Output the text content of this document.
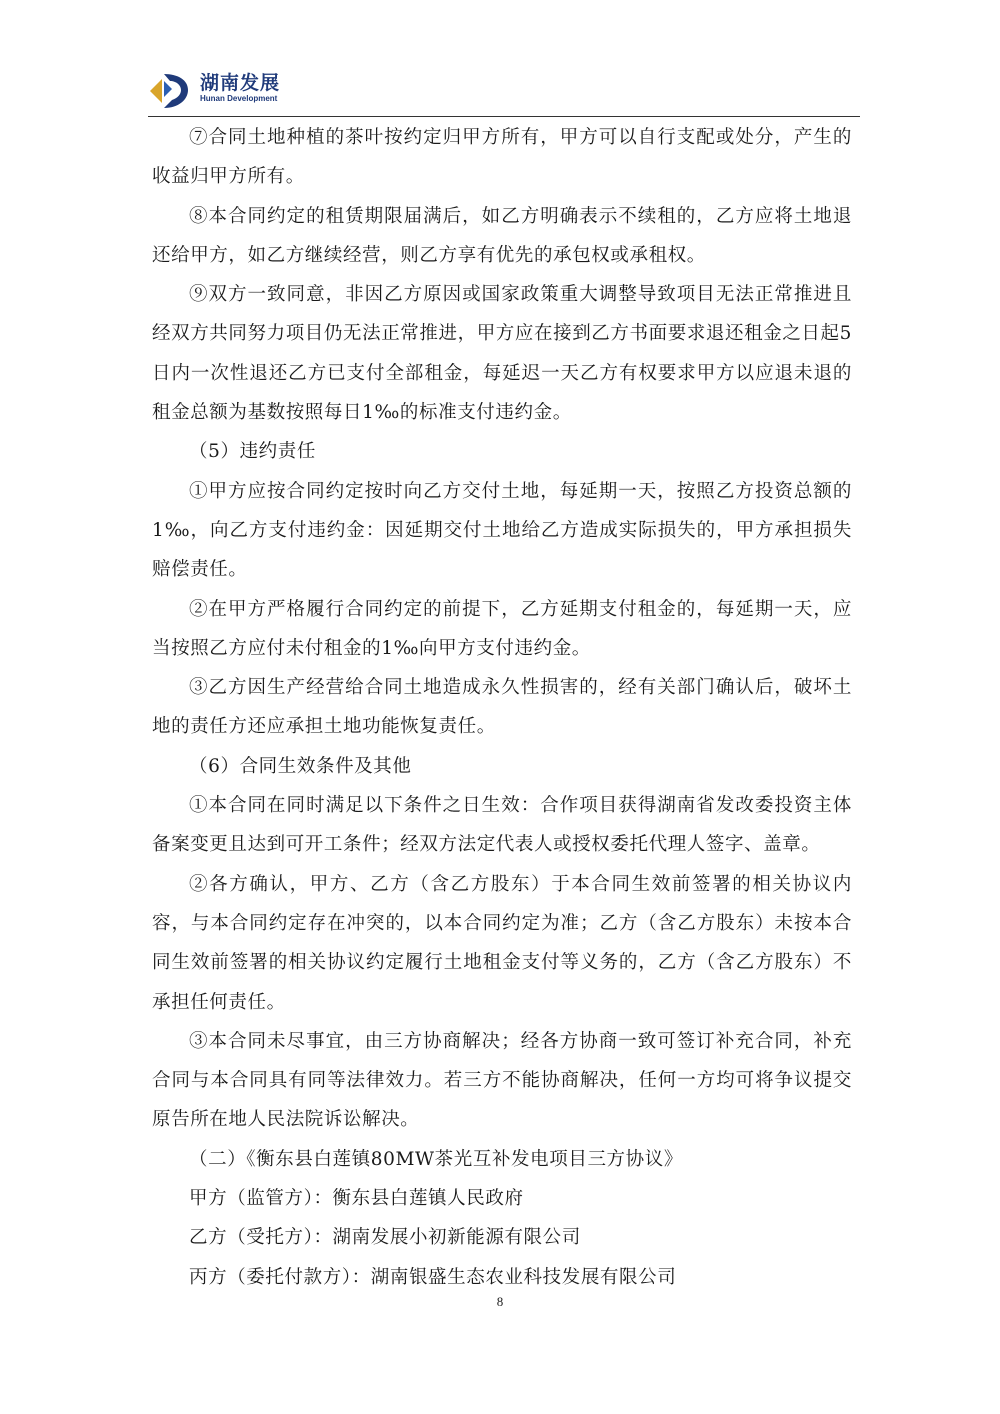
湖南发展
Hunan Development

⑦合同土地种植的茶叶按约定归甲方所有，甲方可以自行支配或处分，产生的收益归甲方所有。

⑧本合同约定的租赁期限届满后，如乙方明确表示不续租的，乙方应将土地退还给甲方，如乙方继续经营，则乙方享有优先的承包权或承租权。

⑨双方一致同意，非因乙方原因或国家政策重大调整导致项目无法正常推进且经双方共同努力项目仍无法正常推进，甲方应在接到乙方书面要求退还租金之日起5日内一次性退还乙方已支付全部租金，每延迟一天乙方有权要求甲方以应退未退的租金总额为基数按照每日1‰的标准支付违约金。

（5）违约责任

①甲方应按合同约定按时向乙方交付土地，每延期一天，按照乙方投资总额的 1‰，向乙方支付违约金：因延期交付土地给乙方造成实际损失的，甲方承担损失赔偿责任。

②在甲方严格履行合同约定的前提下，乙方延期支付租金的，每延期一天，应当按照乙方应付未付租金的1‰向甲方支付违约金。

③乙方因生产经营给合同土地造成永久性损害的，经有关部门确认后，破坏土地的责任方还应承担土地功能恢复责任。

（6）合同生效条件及其他

①本合同在同时满足以下条件之日生效：合作项目获得湖南省发改委投资主体备案变更且达到可开工条件；经双方法定代表人或授权委托代理人签字、盖章。

②各方确认，甲方、乙方（含乙方股东）于本合同生效前签署的相关协议内容，与本合同约定存在冲突的，以本合同约定为准；乙方（含乙方股东）未按本合同生效前签署的相关协议约定履行土地租金支付等义务的，乙方（含乙方股东）不承担任何责任。

③本合同未尽事宜，由三方协商解决；经各方协商一致可签订补充合同，补充合同与本合同具有同等法律效力。若三方不能协商解决，任何一方均可将争议提交原告所在地人民法院诉讼解决。

（二）《衡东县白莲镇80MW茶光互补发电项目三方协议》

甲方（监管方）：衡东县白莲镇人民政府

乙方（受托方）：湖南发展小初新能源有限公司

丙方（委托付款方）：湖南银盛生态农业科技发展有限公司

8
